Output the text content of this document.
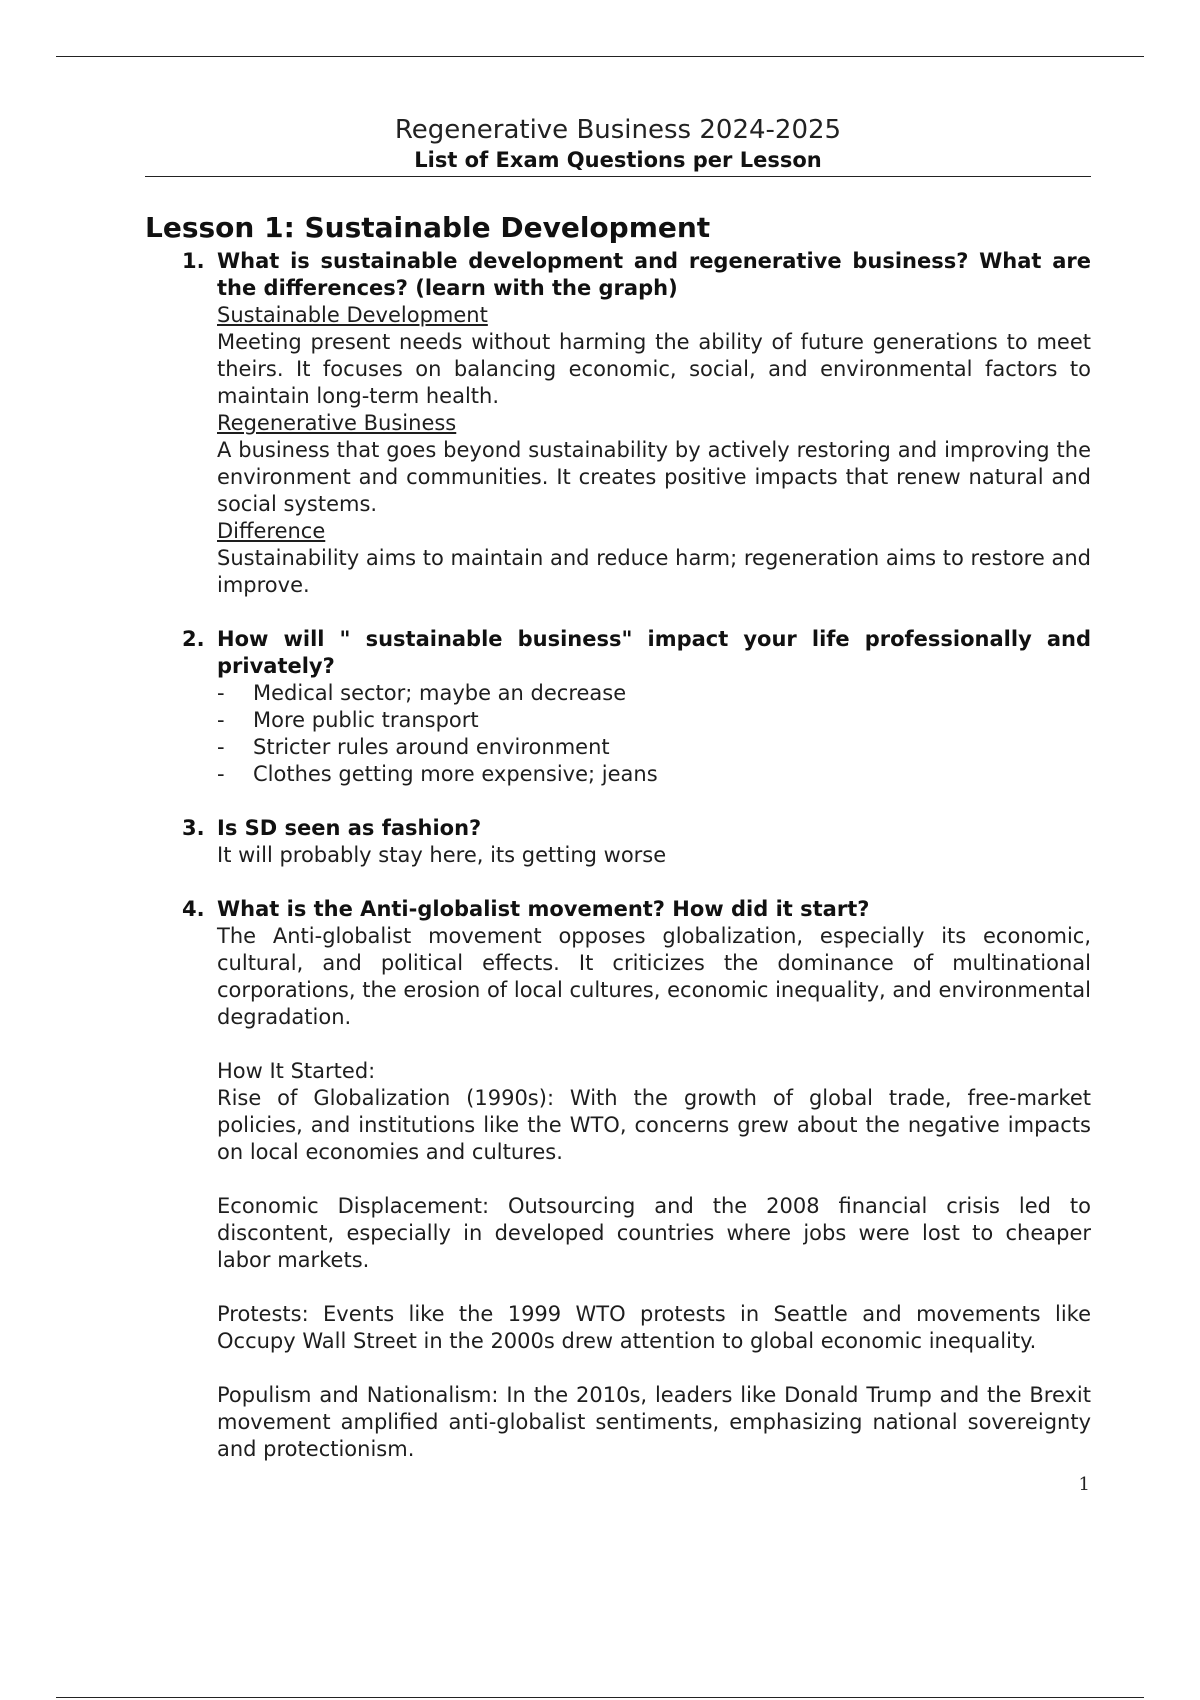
Regenerative Business 2024-2025
List of Exam Questions per Lesson
Lesson 1: Sustainable Development
1. What is sustainable development and regenerative business? What are the differences? (learn with the graph)
Sustainable Development

Meeting present needs without harming the ability of future generations to meet theirs. It focuses on balancing economic, social, and environmental factors to maintain long-term health.

Regenerative Business

A business that goes beyond sustainability by actively restoring and improving the environment and communities. It creates positive impacts that renew natural and social systems.

Difference

Sustainability aims to maintain and reduce harm; regeneration aims to restore and improve.

2. How will " sustainable business" impact your life professionally and privately?
- Medical sector; maybe an decrease
- More public transport
- Stricter rules around environment
- Clothes getting more expensive; jeans
3. Is SD seen as fashion?

It will probably stay here, its getting worse

4. What is the Anti-globalist movement? How did it start?

The Anti-globalist movement opposes globalization, especially its economic, cultural, and political effects. It criticizes the dominance of multinational corporations, the erosion of local cultures, economic inequality, and environmental degradation.

How It Started:

Rise of Globalization (1990s): With the growth of global trade, free-market policies, and institutions like the WTO, concerns grew about the negative impacts on local economies and cultures.

Economic Displacement: Outsourcing and the 2008 financial crisis led to discontent, especially in developed countries where jobs were lost to cheaper labor markets.

Protests: Events like the 1999 WTO protests in Seattle and movements like Occupy Wall Street in the 2000s drew attention to global economic inequality.

Populism and Nationalism: In the 2010s, leaders like Donald Trump and the Brexit movement amplified anti-globalist sentiments, emphasizing national sovereignty and protectionism.

1
